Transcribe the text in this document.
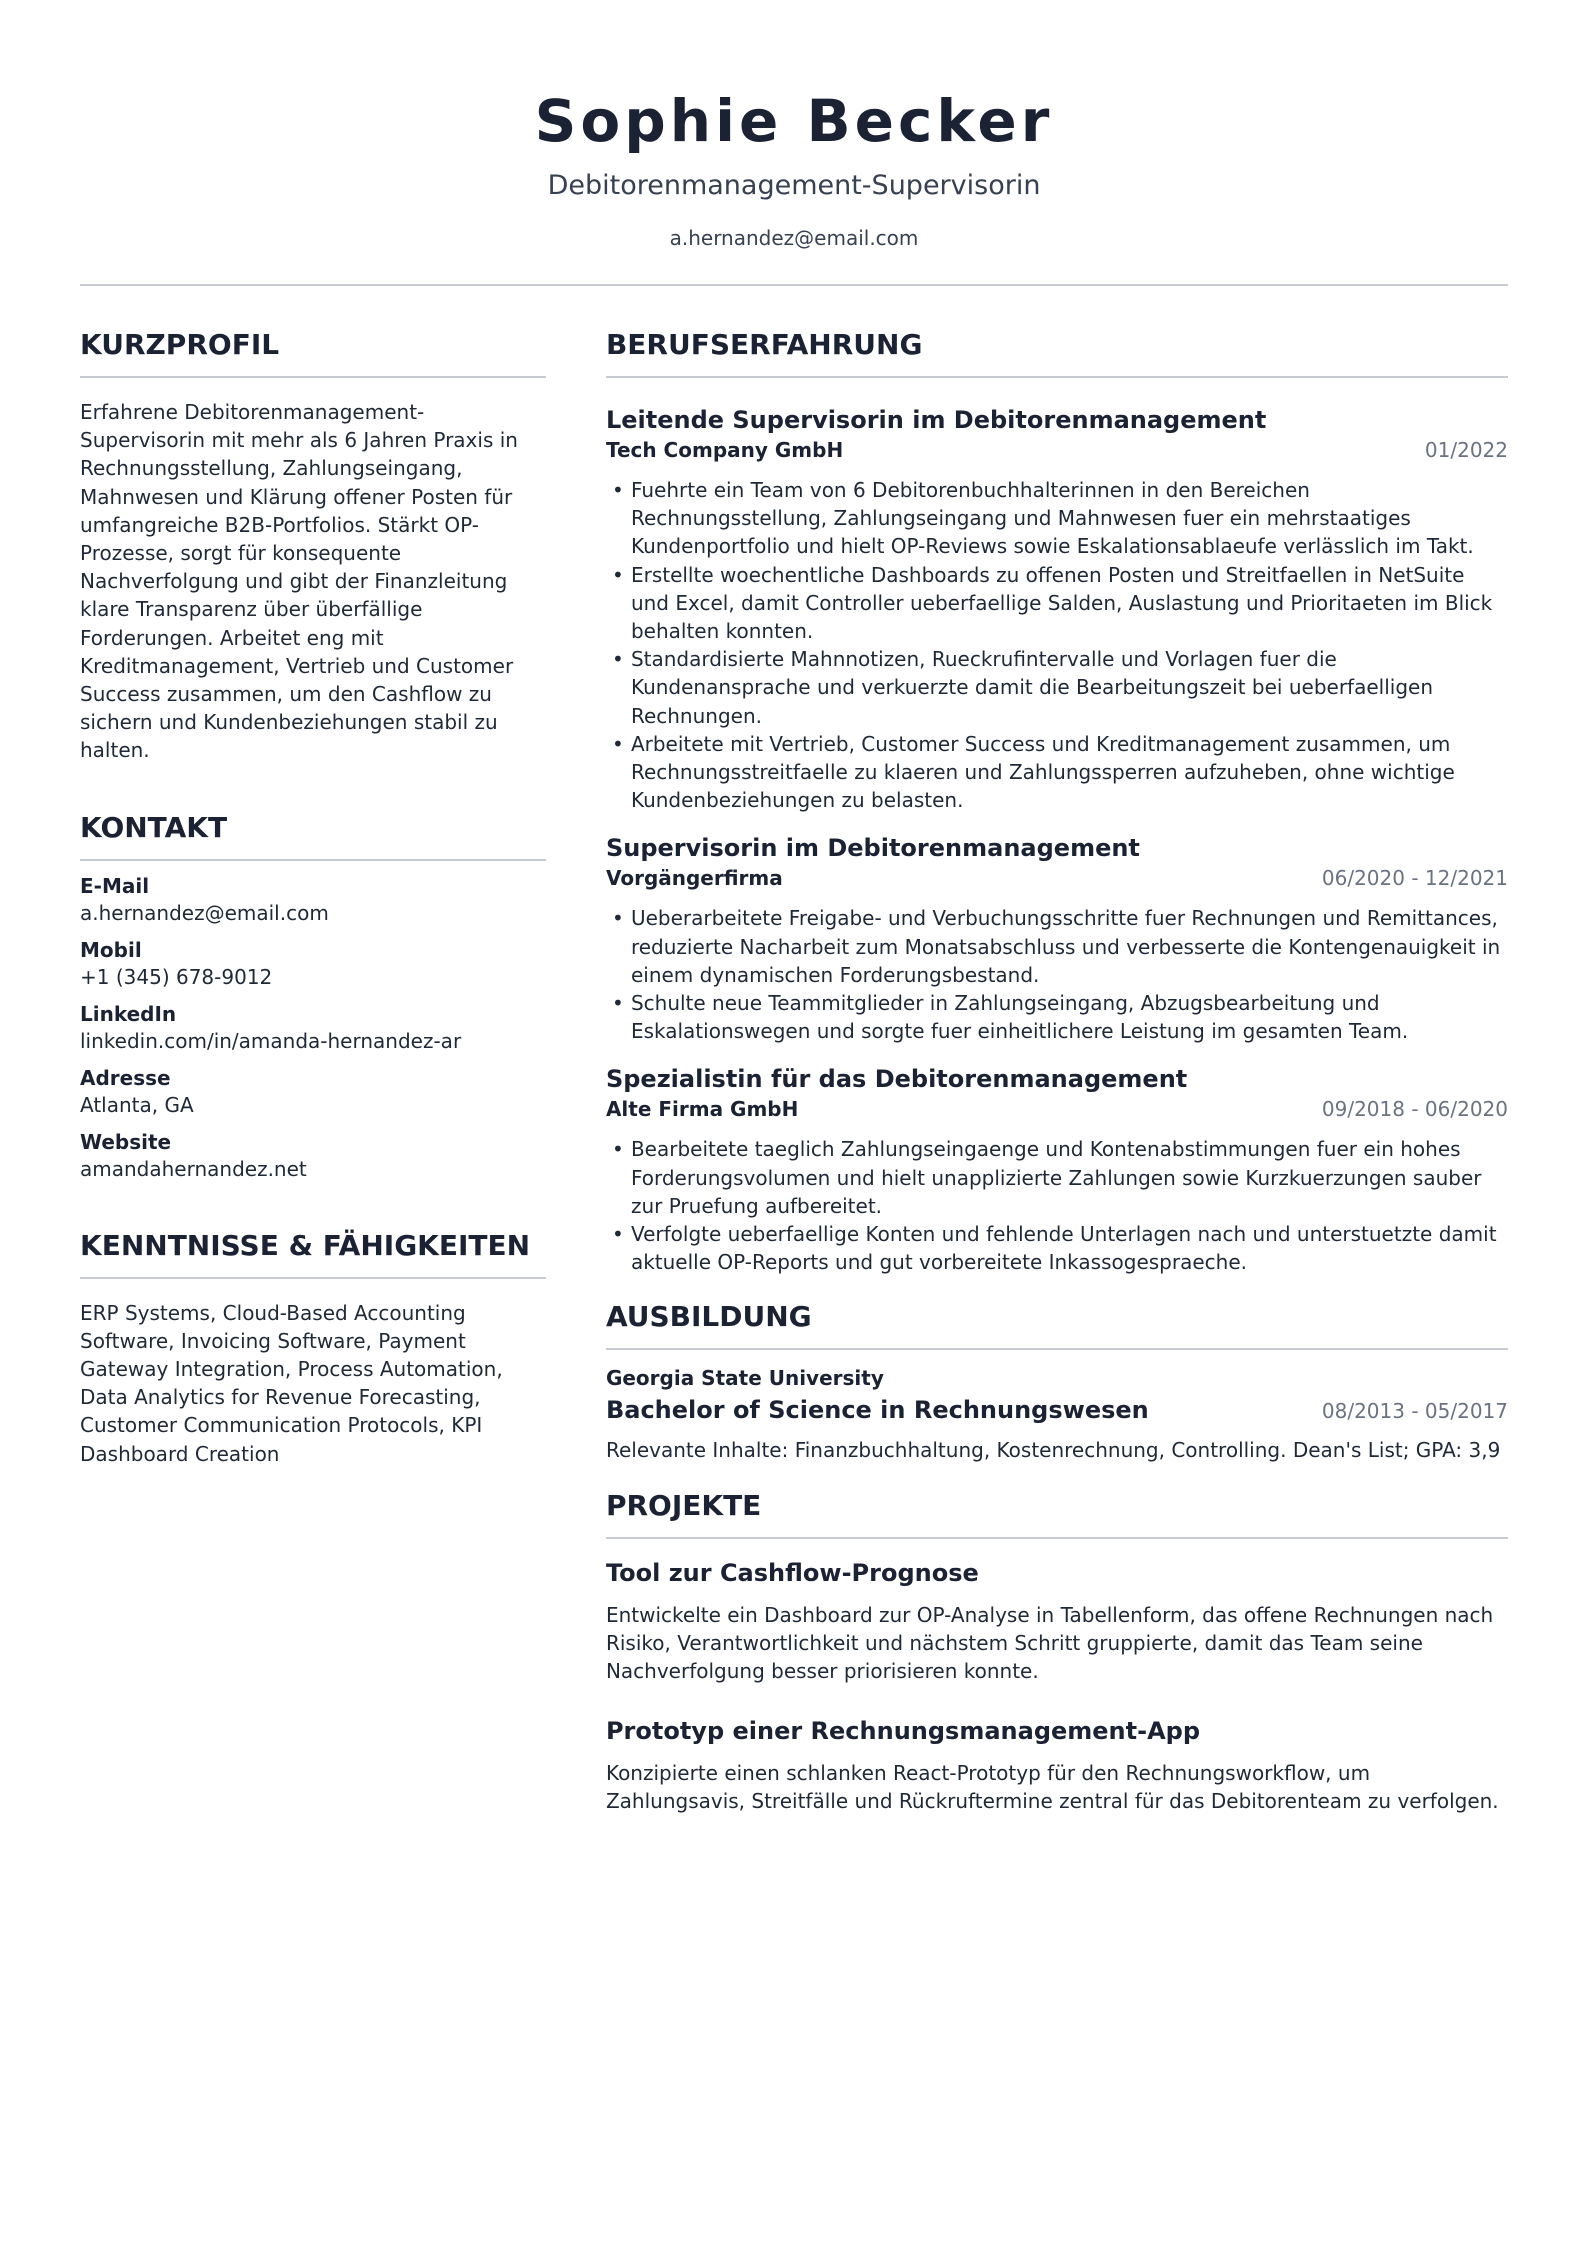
Sophie Becker
Debitorenmanagement-Supervisorin
a.hernandez@email.com
KURZPROFIL
Erfahrene Debitorenmanagement-Supervisorin mit mehr als 6 Jahren Praxis in Rechnungsstellung, Zahlungseingang, Mahnwesen und Klärung offener Posten für umfangreiche B2B-Portfolios. Stärkt OP-Prozesse, sorgt für konsequente Nachverfolgung und gibt der Finanzleitung klare Transparenz über überfällige Forderungen. Arbeitet eng mit Kreditmanagement, Vertrieb und Customer Success zusammen, um den Cashflow zu sichern und Kundenbeziehungen stabil zu halten.
KONTAKT
E-Mail
a.hernandez@email.com
Mobil
+1 (345) 678-9012
LinkedIn
linkedin.com/in/amanda-hernandez-ar
Adresse
Atlanta, GA
Website
amandahernandez.net
KENNTNISSE & FÄHIGKEITEN
ERP Systems, Cloud-Based Accounting Software, Invoicing Software, Payment Gateway Integration, Process Automation, Data Analytics for Revenue Forecasting, Customer Communication Protocols, KPI Dashboard Creation
BERUFSERFAHRUNG
Leitende Supervisorin im Debitorenmanagement
Tech Company GmbH	01/2022
• Fuehrte ein Team von 6 Debitorenbuchhalterinnen in den Bereichen Rechnungsstellung, Zahlungseingang und Mahnwesen fuer ein mehrstaatiges Kundenportfolio und hielt OP-Reviews sowie Eskalationsablaeufe verlässlich im Takt.
• Erstellte woechentliche Dashboards zu offenen Posten und Streitfaellen in NetSuite und Excel, damit Controller ueberfaellige Salden, Auslastung und Prioritaeten im Blick behalten konnten.
• Standardisierte Mahnnotizen, Rueckrufintervalle und Vorlagen fuer die Kundenansprache und verkuerzte damit die Bearbeitungszeit bei ueberfaelligen Rechnungen.
• Arbeitete mit Vertrieb, Customer Success und Kreditmanagement zusammen, um Rechnungsstreitfaelle zu klaeren und Zahlungssperren aufzuheben, ohne wichtige Kundenbeziehungen zu belasten.
Supervisorin im Debitorenmanagement
Vorgängerfirma	06/2020 - 12/2021
• Ueberarbeitete Freigabe- und Verbuchungsschritte fuer Rechnungen und Remittances, reduzierte Nacharbeit zum Monatsabschluss und verbesserte die Kontengenauigkeit in einem dynamischen Forderungsbestand.
• Schulte neue Teammitglieder in Zahlungseingang, Abzugsbearbeitung und Eskalationswegen und sorgte fuer einheitlichere Leistung im gesamten Team.
Spezialistin für das Debitorenmanagement
Alte Firma GmbH	09/2018 - 06/2020
• Bearbeitete taeglich Zahlungseingaenge und Kontenabstimmungen fuer ein hohes Forderungsvolumen und hielt unapplizierte Zahlungen sowie Kurzkuerzungen sauber zur Pruefung aufbereitet.
• Verfolgte ueberfaellige Konten und fehlende Unterlagen nach und unterstuetzte damit aktuelle OP-Reports und gut vorbereitete Inkassogespraeche.
AUSBILDUNG
Georgia State University
Bachelor of Science in Rechnungswesen	08/2013 - 05/2017
Relevante Inhalte: Finanzbuchhaltung, Kostenrechnung, Controlling. Dean's List; GPA: 3,9
PROJEKTE
Tool zur Cashflow-Prognose
Entwickelte ein Dashboard zur OP-Analyse in Tabellenform, das offene Rechnungen nach Risiko, Verantwortlichkeit und nächstem Schritt gruppierte, damit das Team seine Nachverfolgung besser priorisieren konnte.
Prototyp einer Rechnungsmanagement-App
Konzipierte einen schlanken React-Prototyp für den Rechnungsworkflow, um Zahlungsavis, Streitfälle und Rückruftermine zentral für das Debitorenteam zu verfolgen.
